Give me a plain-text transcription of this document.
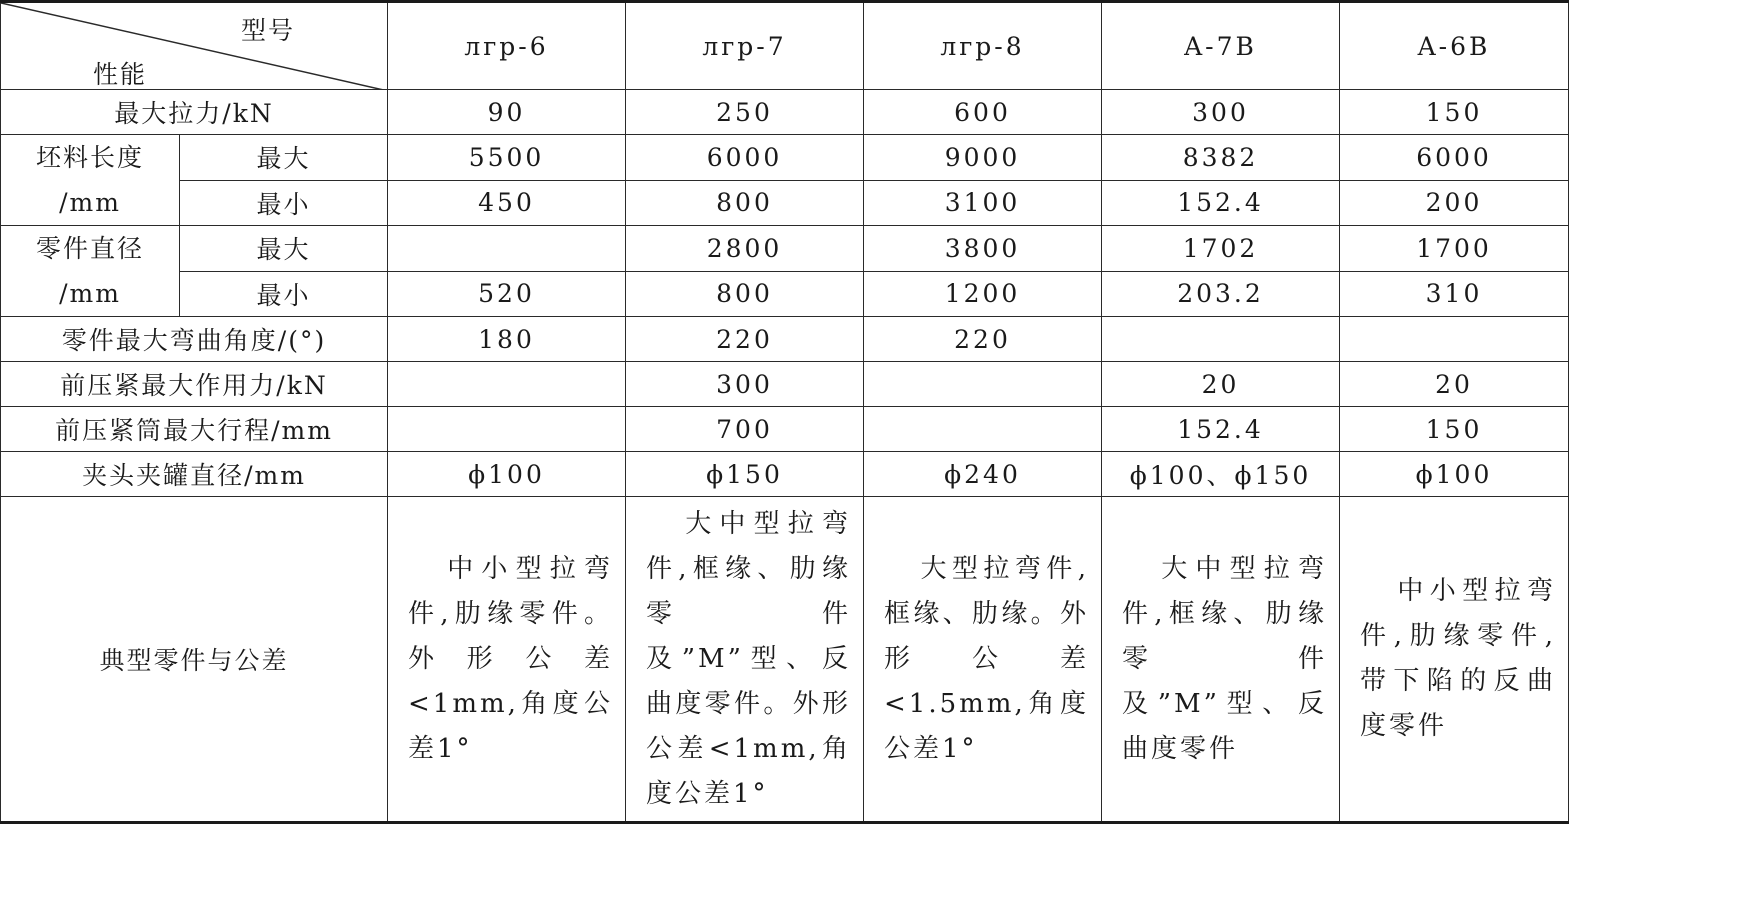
型号
性能		лгр-6	лгр-7	лгр-8	A-7B	A-6B
最大拉力/kN		90	250	600	300	150

坯料长度
/mm	最大	5500	6000	9000	8382	6000
	最小	450	800	3100	152.4	200

零件直径
/mm	最大		2800	3800	1702	1700
	最小	520	800	1200	203.2	310
零件最大弯曲角度/(°)		180	220	220		
前压紧最大作用力/kN			300		20	20
前压紧筒最大行程/mm			700		152.4	150
夹头夹罐直径/mm		ϕ100	ϕ150	ϕ240	ϕ100、ϕ150	ϕ100
典型零件与公差		中小型拉弯件,肋缘零件。外形公差<1mm,角度公差1°	大中型拉弯件,框缘、肋缘零件及”M”型、反曲度零件。外形公差<1mm,角度公差1°	大型拉弯件,框缘、肋缘。外形公差<1.5mm,角度公差1°	大中型拉弯件,框缘、肋缘零件及”M”型、反曲度零件	中小型拉弯件,肋缘零件,带下陷的反曲度零件
